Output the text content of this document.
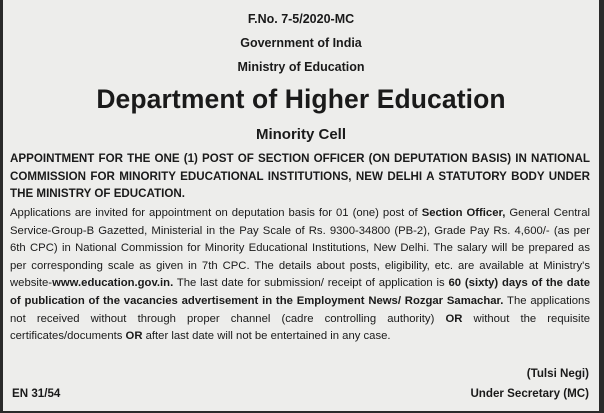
F.No. 7-5/2020-MC
Government of India
Ministry of Education
Department of Higher Education
Minority Cell
APPOINTMENT FOR THE ONE (1) POST OF SECTION OFFICER (ON DEPUTATION BASIS) IN NATIONAL COMMISSION FOR MINORITY EDUCATIONAL INSTITUTIONS, NEW DELHI A STATUTORY BODY UNDER THE MINISTRY OF EDUCATION.
Applications are invited for appointment on deputation basis for 01 (one) post of Section Officer, General Central Service-Group-B Gazetted, Ministerial in the Pay Scale of Rs. 9300-34800 (PB-2), Grade Pay Rs. 4,600/- (as per 6th CPC) in National Commission for Minority Educational Institutions, New Delhi. The salary will be prepared as per corresponding scale as given in 7th CPC. The details about posts, eligibility, etc. are available at Ministry's website-www.education.gov.in. The last date for submission/ receipt of application is 60 (sixty) days of the date of publication of the vacancies advertisement in the Employment News/ Rozgar Samachar. The applications not received without through proper channel (cadre controlling authority) OR without the requisite certificates/documents OR after last date will not be entertained in any case.
(Tulsi Negi)
EN 31/54	Under Secretary (MC)
